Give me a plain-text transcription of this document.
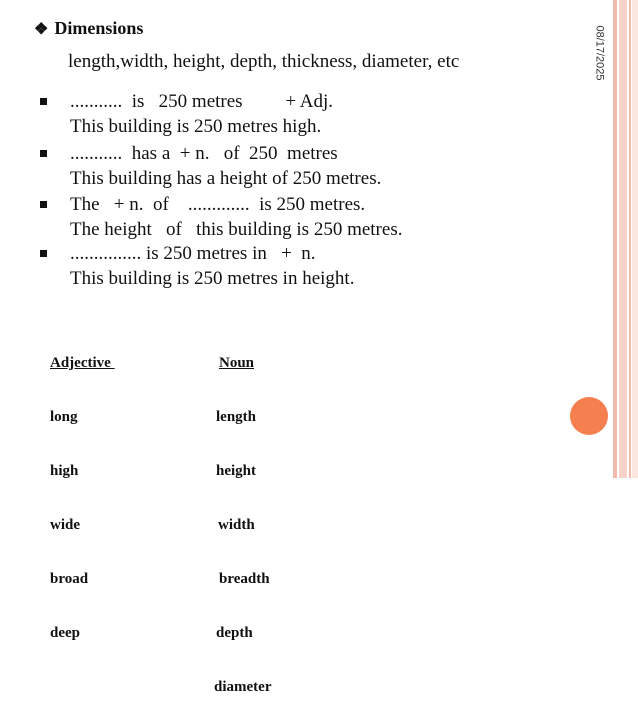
08/17/2025
❖ Dimensions
length,width, height, depth, thickness, diameter, etc
...........  is   250 metres         + Adj.
This building is 250 metres high.
...........  has a  + n.   of  250  metres
This building has a height of 250 metres.
The   + n.  of    .............  is 250 metres.
The height   of   this building is 250 metres.
............... is 250 metres in   +  n.
This building is 250 metres in height.

Adjective

long

high

wide

broad

deep

Noun

length

height

width

breadth

depth

diameter
